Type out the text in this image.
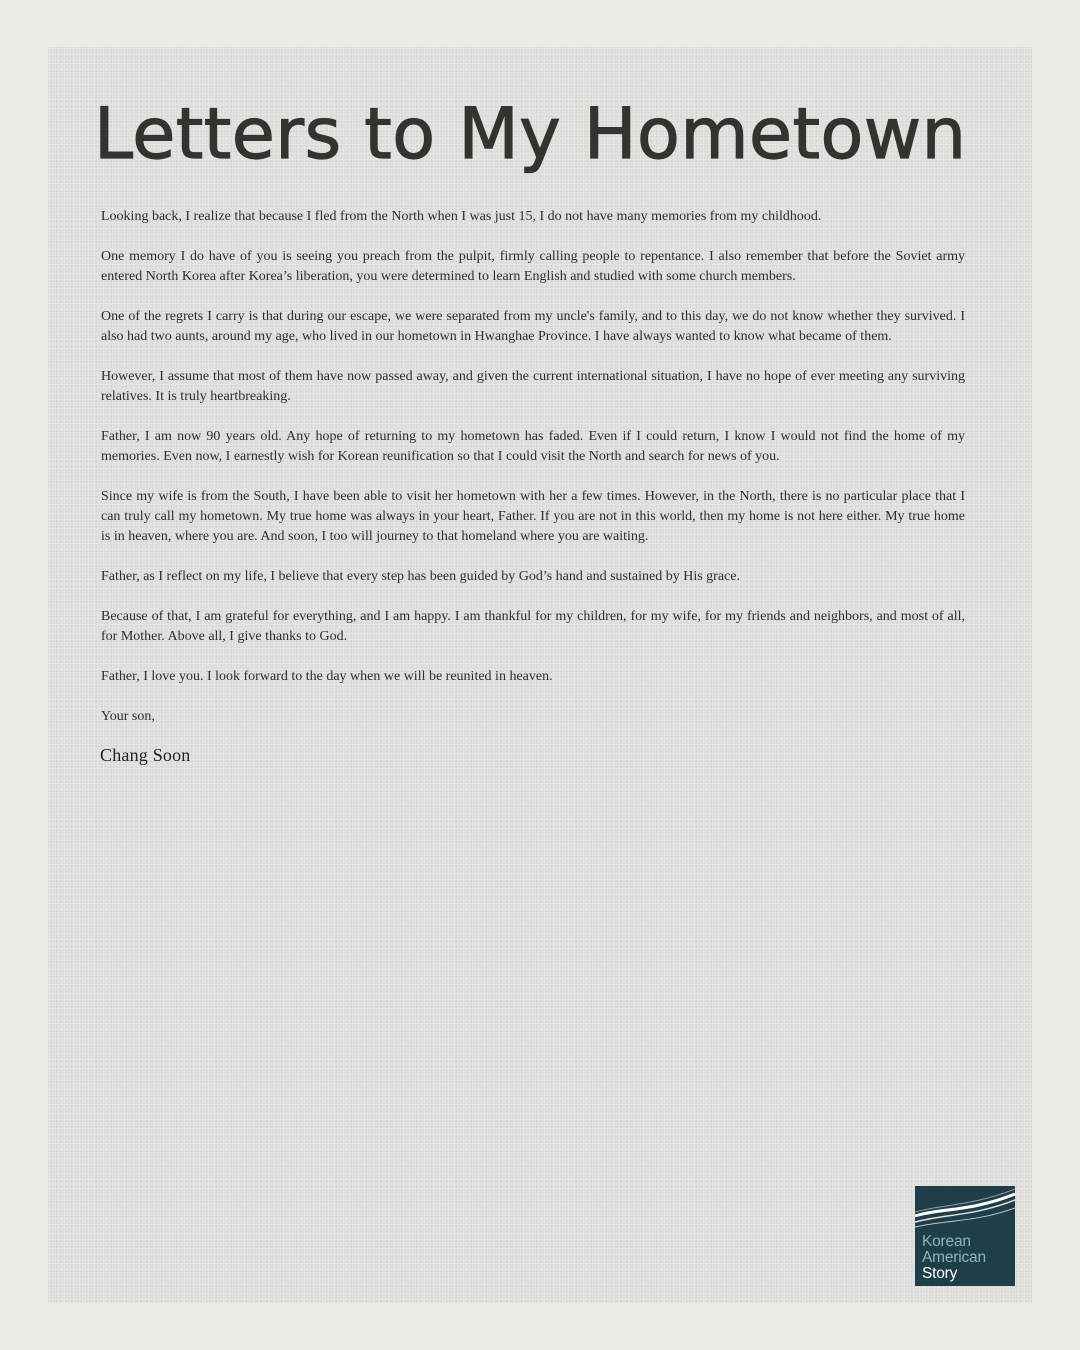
Letters to My Hometown

Looking back, I realize that because I fled from the North when I was just 15, I do not have many memories from my childhood.

One memory I do have of you is seeing you preach from the pulpit, firmly calling people to repentance. I also remember that before the Soviet army entered North Korea after Korea’s liberation, you were determined to learn English and studied with some church members.

One of the regrets I carry is that during our escape, we were separated from my uncle's family, and to this day, we do not know whether they survived. I also had two aunts, around my age, who lived in our hometown in Hwanghae Province. I have always wanted to know what became of them.

However, I assume that most of them have now passed away, and given the current international situation, I have no hope of ever meeting any surviving relatives. It is truly heartbreaking.

Father, I am now 90 years old. Any hope of returning to my hometown has faded. Even if I could return, I know I would not find the home of my memories. Even now, I earnestly wish for Korean reunification so that I could visit the North and search for news of you.

Since my wife is from the South, I have been able to visit her hometown with her a few times. However, in the North, there is no particular place that I can truly call my hometown. My true home was always in your heart, Father. If you are not in this world, then my home is not here either. My true home is in heaven, where you are. And soon, I too will journey to that homeland where you are waiting.

Father, as I reflect on my life, I believe that every step has been guided by God’s hand and sustained by His grace.

Because of that, I am grateful for everything, and I am happy. I am thankful for my children, for my wife, for my friends and neighbors, and most of all, for Mother. Above all, I give thanks to God.

Father, I love you. I look forward to the day when we will be reunited in heaven.

Your son,

Chang Soon
Korean
American
Story
